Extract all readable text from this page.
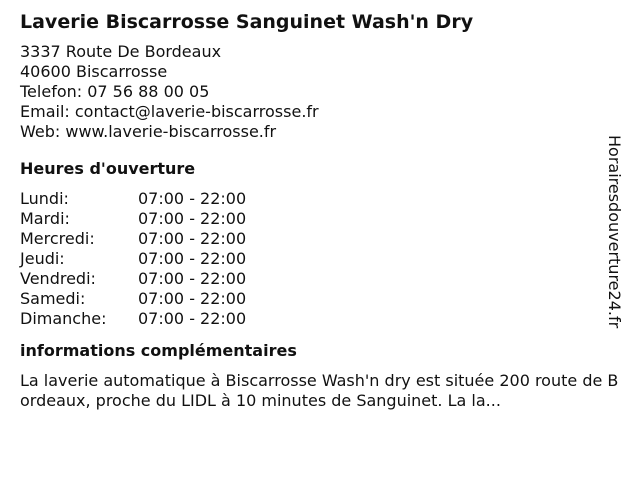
Laverie Biscarrosse Sanguinet Wash'n Dry
3337 Route De Bordeaux
40600 Biscarrosse
Telefon: 07 56 88 00 05
Email: contact@laverie-biscarrosse.fr
Web: www.laverie-biscarrosse.fr
Heures d'ouverture
Lundi:	07:00 - 22:00
Mardi:	07:00 - 22:00
Mercredi:	07:00 - 22:00
Jeudi:	07:00 - 22:00
Vendredi:	07:00 - 22:00
Samedi:	07:00 - 22:00
Dimanche:	07:00 - 22:00
informations complémentaires
La laverie automatique à Biscarrosse Wash'n dry est située 200 route de Bordeaux, proche du LIDL à 10 minutes de Sanguinet. La la...
Horairesdouverture24.fr
